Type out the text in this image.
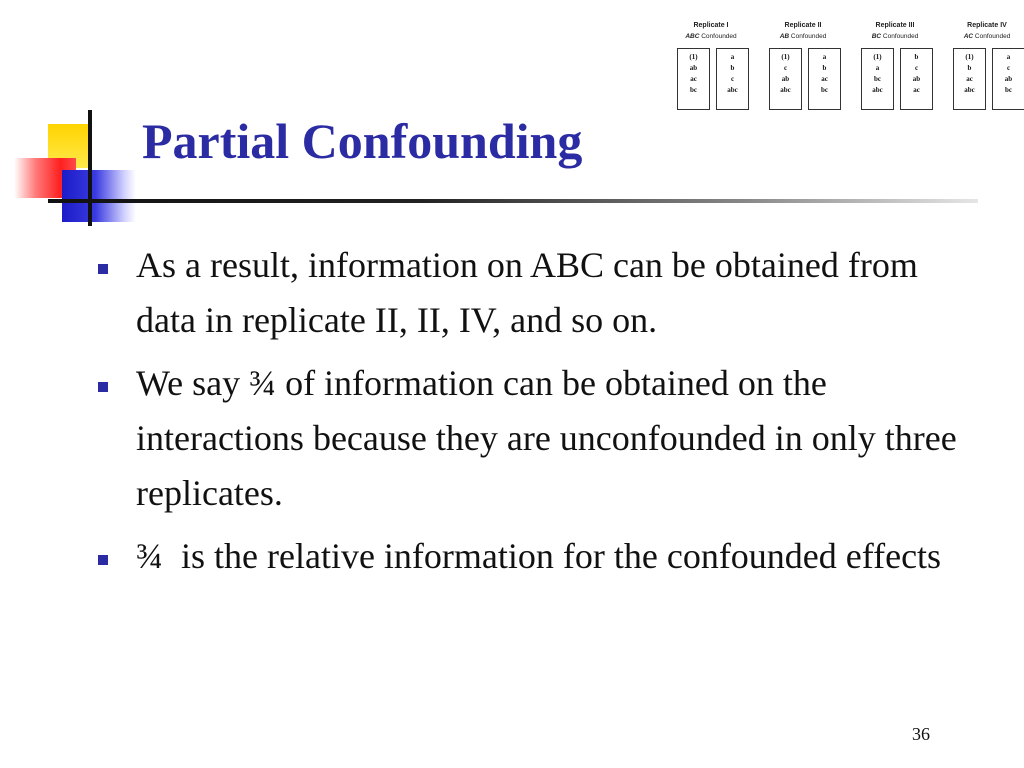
Partial Confounding
Replicate I
ABC Confounded
(1)
ab
ac
bc
a
b
c
abc
Replicate II
AB Confounded
(1)
c
ab
abc
a
b
ac
bc
Replicate III
BC Confounded
(1)
a
bc
abc
b
c
ab
ac
Replicate IV
AC Confounded
(1)
b
ac
abc
a
c
ab
bc
As a result, information on ABC can be obtained from data in replicate II, II, IV, and so on.
We say ¾ of information can be obtained on the interactions because they are unconfounded in only three replicates.
¾  is the relative information for the confounded effects
36
